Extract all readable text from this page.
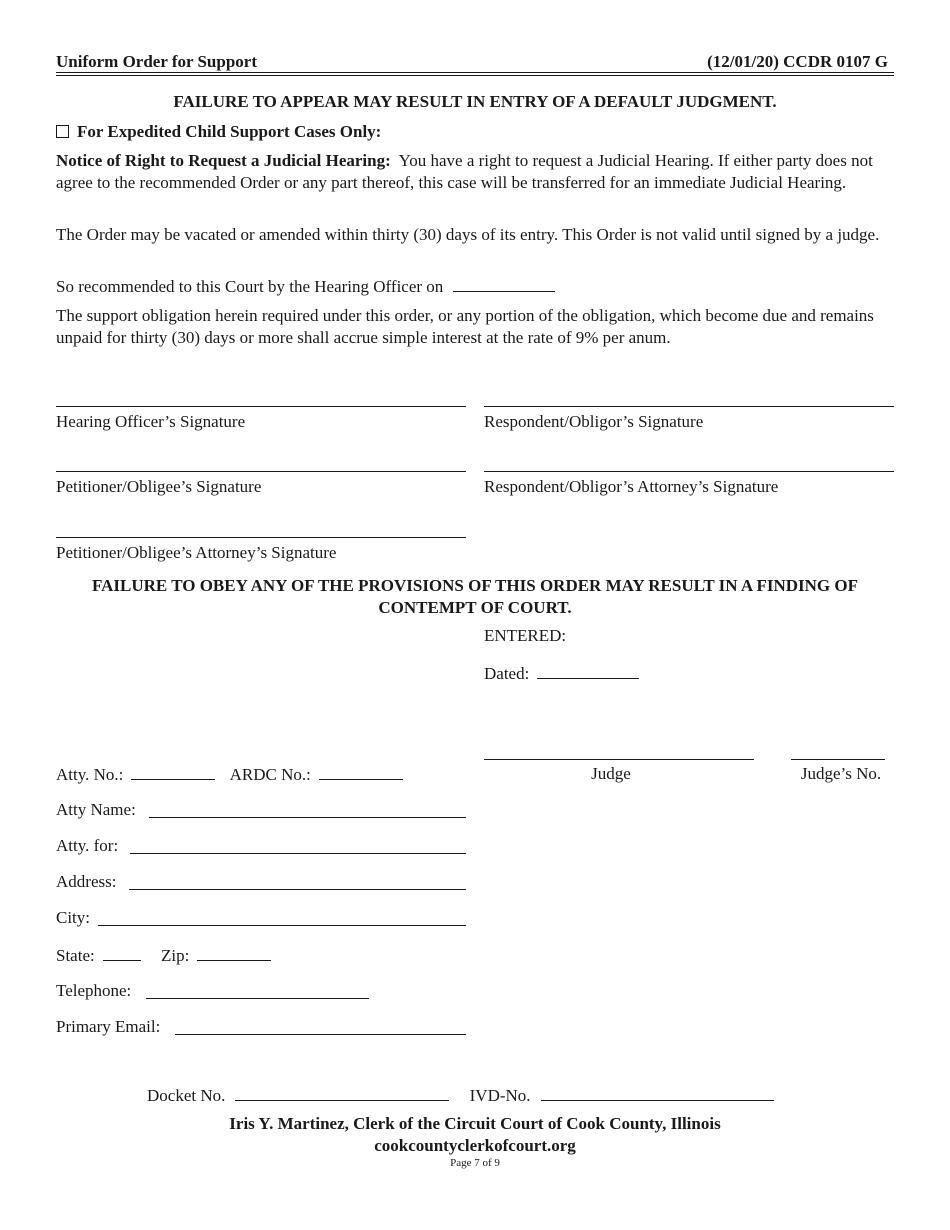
Uniform Order for Support	(12/01/20) CCDR 0107 G
FAILURE TO APPEAR MAY RESULT IN ENTRY OF A DEFAULT JUDGMENT.
For Expedited Child Support Cases Only:
Notice of Right to Request a Judicial Hearing: You have a right to request a Judicial Hearing. If either party does not agree to the recommended Order or any part thereof, this case will be transferred for an immediate Judicial Hearing.
The Order may be vacated or amended within thirty (30) days of its entry. This Order is not valid until signed by a judge.
So recommended to this Court by the Hearing Officer on
The support obligation herein required under this order, or any portion of the obligation, which become due and remains unpaid for thirty (30) days or more shall accrue simple interest at the rate of 9% per anum.
Hearing Officer’s Signature	Respondent/Obligor’s Signature
Petitioner/Obligee’s Signature	Respondent/Obligor’s Attorney’s Signature
Petitioner/Obligee’s Attorney’s Signature
FAILURE TO OBEY ANY OF THE PROVISIONS OF THIS ORDER MAY RESULT IN A FINDING OF CONTEMPT OF COURT.
ENTERED:
Dated:
Judge	Judge’s No.
Atty. No.:	ARDC No.:
Atty Name:
Atty. for:
Address:
City:
State:	Zip:
Telephone:
Primary Email:
Docket No.	IVD-No.
Iris Y. Martinez, Clerk of the Circuit Court of Cook County, Illinois
cookcountyclerkofcourt.org
Page 7 of 9
